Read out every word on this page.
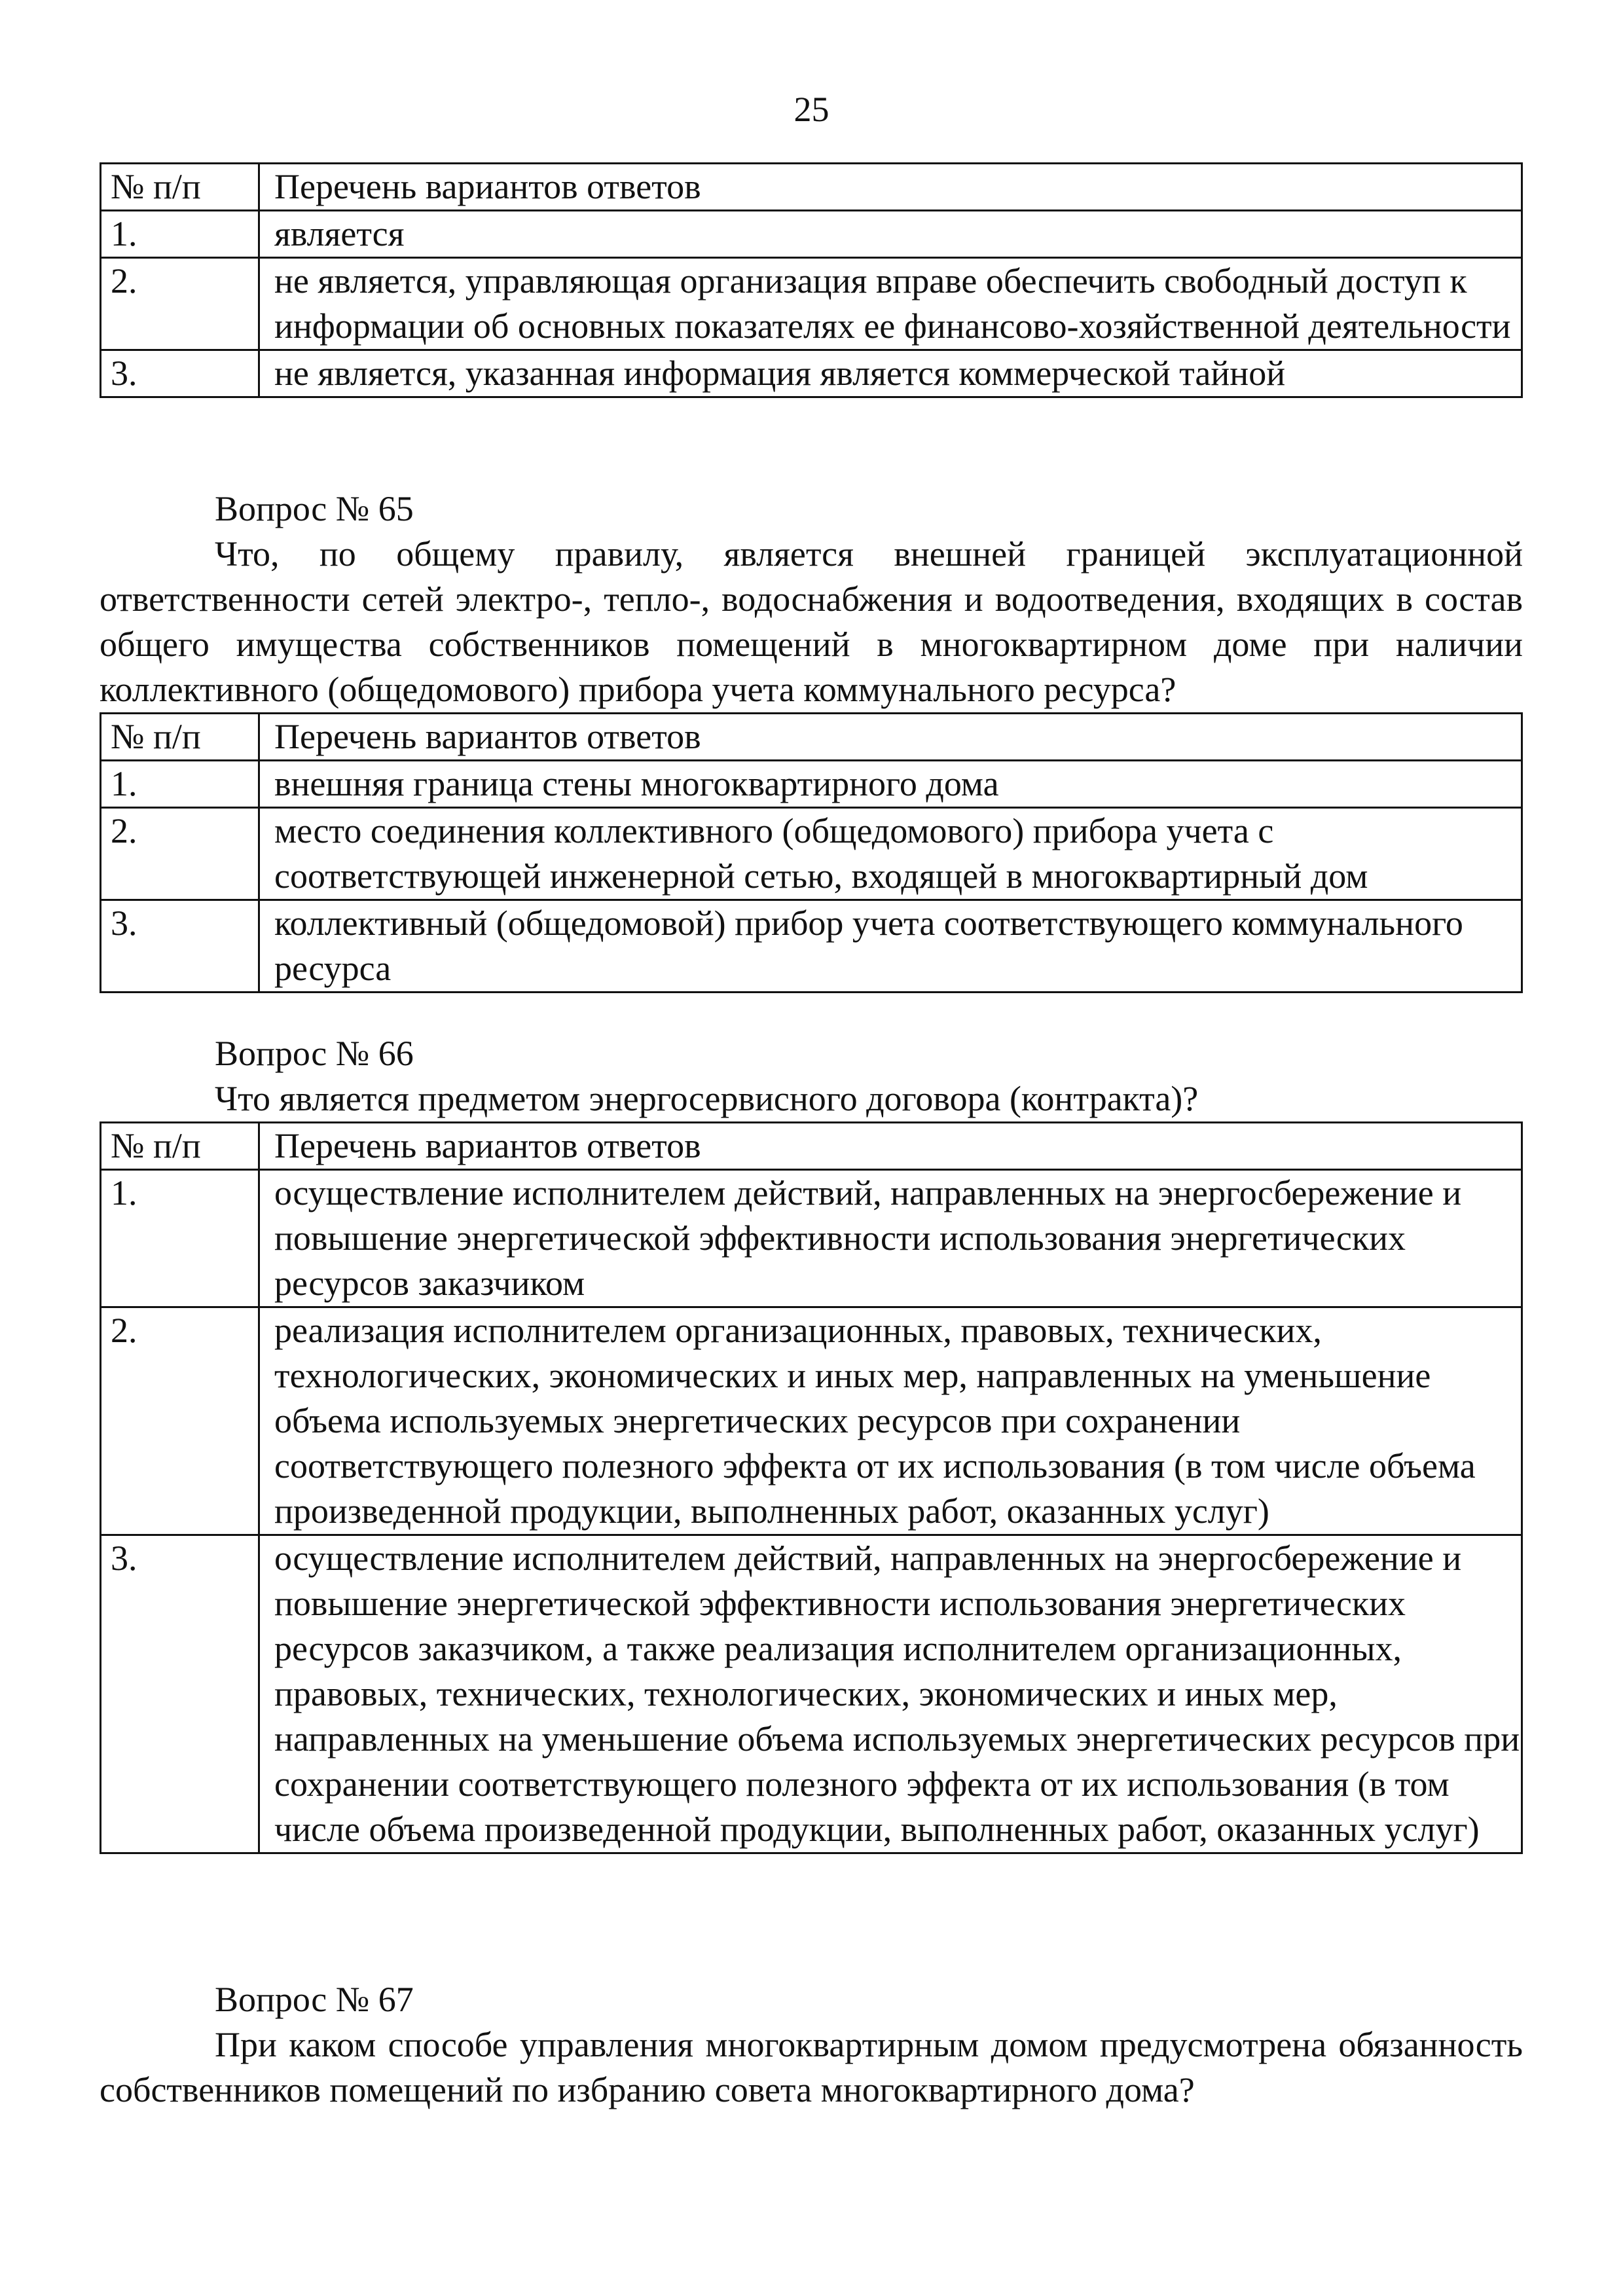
25
№ п/п	Перечень вариантов ответов
1.	является
2.	не является, управляющая организация вправе обеспечить свободный доступ к информации об основных показателях ее финансово-хозяйственной деятельности
3.	не является, указанная информация является коммерческой тайной
Вопрос № 65
Что, по общему правилу, является внешней границей эксплуатационной ответственности сетей электро-, тепло-, водоснабжения и водоотведения, входящих в состав общего имущества собственников помещений в многоквартирном доме при наличии коллективного (общедомового) прибора учета коммунального ресурса?
№ п/п	Перечень вариантов ответов
1.	внешняя граница стены многоквартирного дома
2.	место соединения коллективного (общедомового) прибора учета с соответствующей инженерной сетью, входящей в многоквартирный дом
3.	коллективный (общедомовой) прибор учета соответствующего коммунального ресурса
Вопрос № 66
Что является предметом энергосервисного договора (контракта)?
№ п/п	Перечень вариантов ответов
1.	осуществление исполнителем действий, направленных на энергосбережение и повышение энергетической эффективности использования энергетических ресурсов заказчиком
2.	реализация исполнителем организационных, правовых, технических, технологических, экономических и иных мер, направленных на уменьшение объема используемых энергетических ресурсов при сохранении соответствующего полезного эффекта от их использования (в том числе объема произведенной продукции, выполненных работ, оказанных услуг)
3.	осуществление исполнителем действий, направленных на энергосбережение и повышение энергетической эффективности использования энергетических ресурсов заказчиком, а также реализация исполнителем организационных, правовых, технических, технологических, экономических и иных мер, направленных на уменьшение объема используемых энергетических ресурсов при сохранении соответствующего полезного эффекта от их использования (в том числе объема произведенной продукции, выполненных работ, оказанных услуг)
Вопрос № 67
При каком способе управления многоквартирным домом предусмотрена обязанность собственников помещений по избранию совета многоквартирного дома?
